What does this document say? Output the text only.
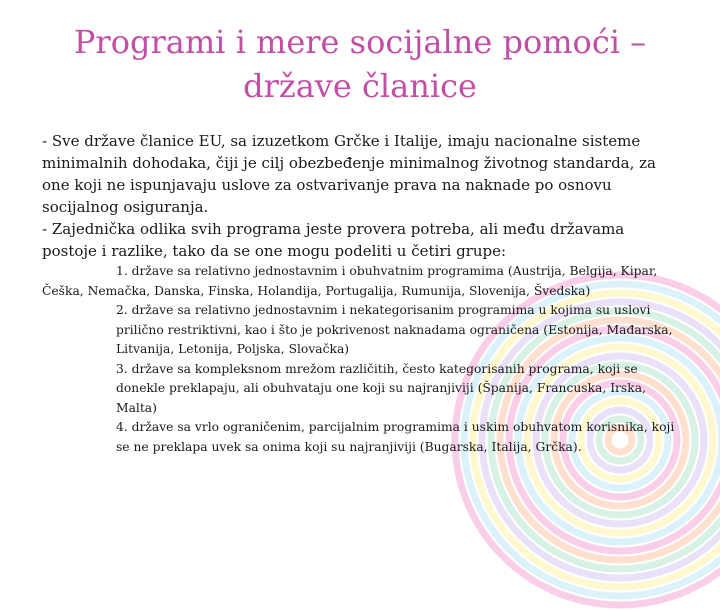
Programi i mere socijalne pomoći –
države članice

- Sve države članice EU, sa izuzetkom Grčke i Italije, imaju nacionalne sisteme minimalnih dohodaka, čiji je cilj obezbeđenje minimalnog životnog standarda, za one koji ne ispunjavaju uslove za ostvarivanje prava na naknade po osnovu socijalnog osiguranja.

- Zajednička odlika svih programa jeste provera potreba, ali među državama postoje i razlike, tako da se one mogu podeliti u četiri grupe:

1. države sa relativno jednostavnim i obuhvatnim programima (Austrija, Belgija, Kipar, Češka, Nemačka, Danska, Finska, Holandija, Portugalija, Rumunija, Slovenija, Švedska)

2. države sa relativno jednostavnim i nekategorisanim programima u kojima su uslovi prilično restriktivni, kao i što je pokrivenost naknadama ograničena (Estonija, Mađarska, Litvanija, Letonija, Poljska, Slovačka)

3. države sa kompleksnom mrežom različitih, često kategorisanih programa, koji se donekle preklapaju, ali obuhvataju one koji su najranjiviji (Španija, Francuska, Irska, Malta)

4. države sa vrlo ograničenim, parcijalnim programima i uskim obuhvatom korisnika, koji se ne preklapa uvek sa onima koji su najranjiviji (Bugarska, Italija, Grčka).
